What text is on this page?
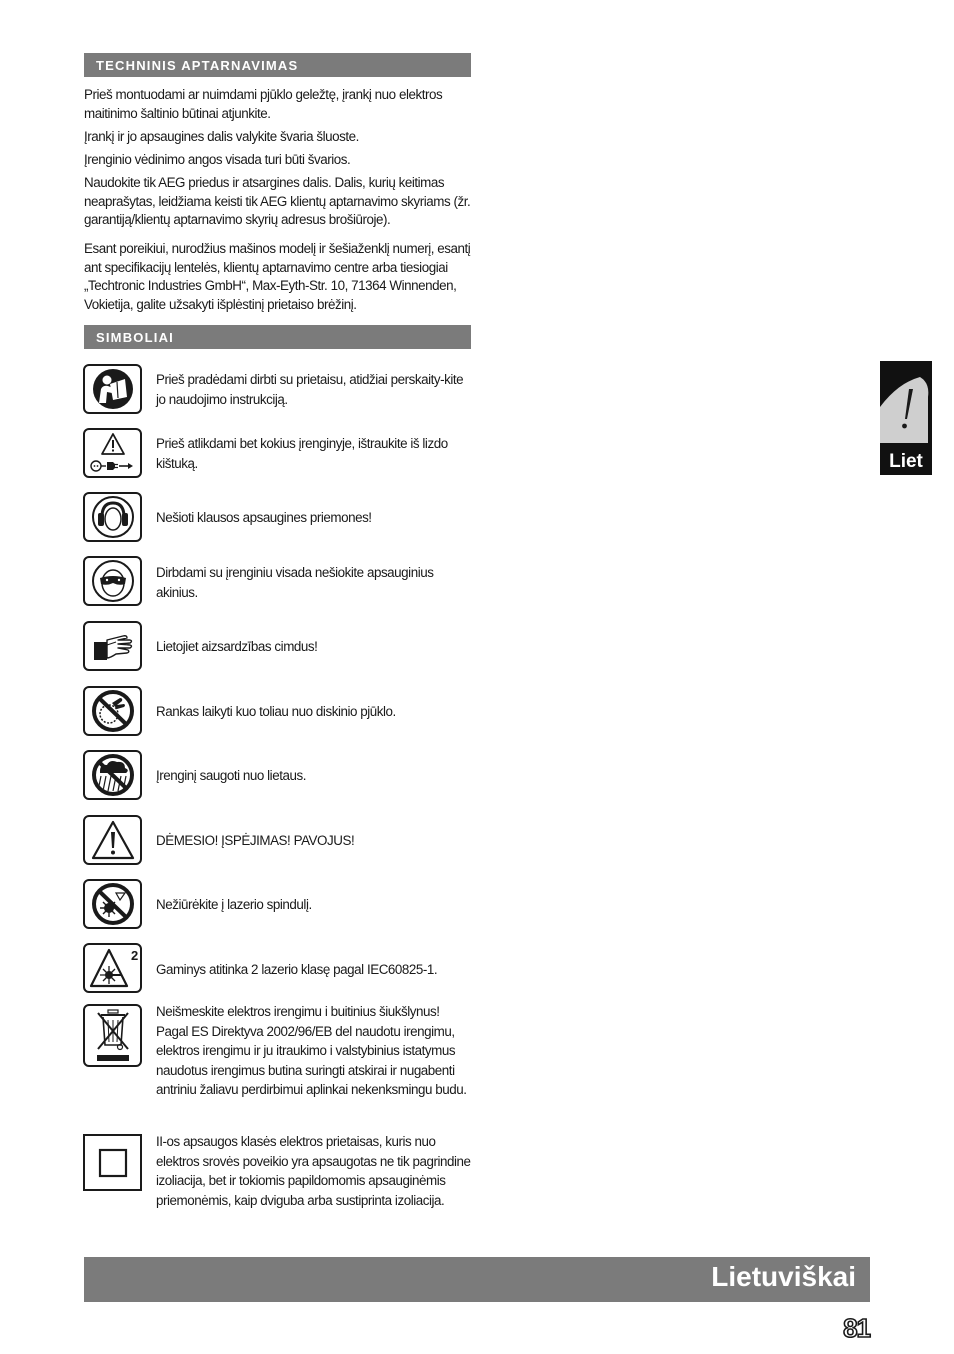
TECHNINIS APTARNAVIMAS

Prieš montuodami ar nuimdami pjūklo geležtę, įrankį nuo elektros maitinimo šaltinio būtinai atjunkite.

Įrankį ir jo apsaugines dalis valykite švaria šluoste.

Įrenginio vėdinimo angos visada turi būti švarios.

Naudokite tik AEG priedus ir atsargines dalis. Dalis, kurių keitimas neaprašytas, leidžiama keisti tik AEG klientų aptarnavimo skyriams (žr. garantiją/klientų aptarnavimo skyrių adresus brošiūroje).

Esant poreikiui, nurodžius mašinos modelį ir šešiaženklį numerį, esantį ant specifikacijų lentelės, klientų aptarnavimo centre arba tiesiogiai „Techtronic Industries GmbH“, Max-Eyth-Str. 10, 71364 Winnenden, Vokietija, galite užsakyti išplėstinį prietaiso brėžinį.

SIMBOLIAI
Prieš pradėdami dirbti su prietaisu, atidžiai perskaity-kite jo naudojimo instrukciją.
Prieš atlikdami bet kokius įrenginyje, ištraukite iš lizdo kištuką.
Nešioti klausos apsaugines priemones!
Dirbdami su įrenginiu visada nešiokite apsauginius akinius.
Lietojiet aizsardzības cimdus!
Rankas laikyti kuo toliau nuo diskinio pjūklo.
Įrenginį saugoti nuo lietaus.
DĖMESIO! ĮSPĖJIMAS! PAVOJUS!
Nežiūrėkite į lazerio spindulį.
2
Gaminys atitinka 2 lazerio klasę pagal IEC60825-1.
Neišmeskite elektros irengimu i buitinius šiukšlynus! Pagal ES Direktyva 2002/96/EB del naudotu irengimu, elektros irengimu ir ju itraukimo i valstybinius istatymus naudotus irengimus butina suringti atskirai ir nugabenti antriniu žaliavu perdirbimui aplinkai nekenksmingu budu.
II-os apsaugos klasės elektros prietaisas, kuris nuo elektros srovės poveikio yra apsaugotas ne tik pagrindine izoliacija, bet ir tokiomis papildomomis apsauginėmis priemonėmis, kaip dviguba arba sustiprinta izoliacija.
Liet
Lietuviškai
81
